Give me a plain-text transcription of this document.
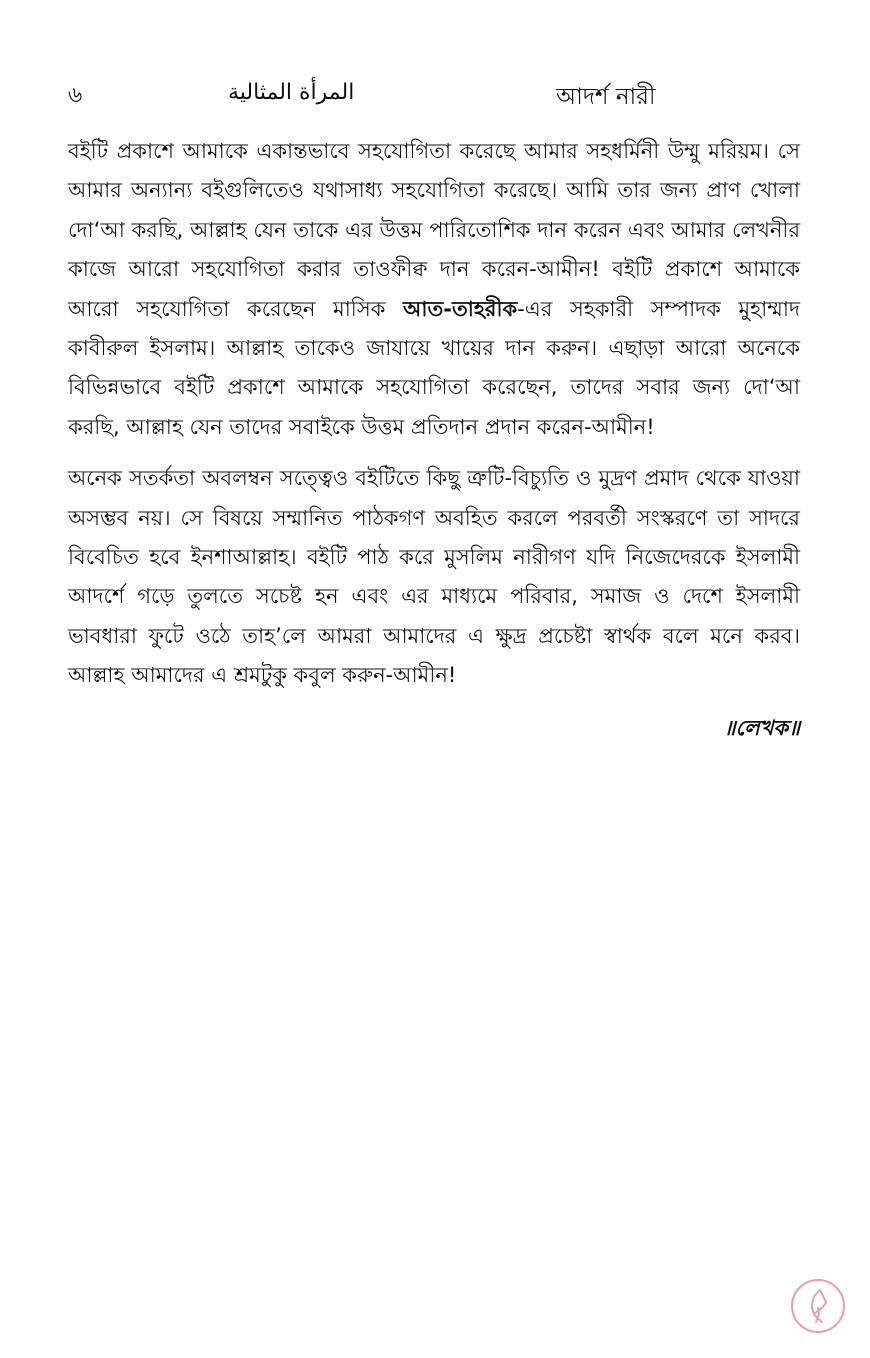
৬	المرأة المثالية	আদর্শ নারী

বইটি প্রকাশে আমাকে একান্তভাবে সহযোগিতা করেছে আমার সহধর্মিনী উম্মু মরিয়ম। সে আমার অন্যান্য বইগুলিতেও যথাসাধ্য সহযোগিতা করেছে। আমি তার জন্য প্রাণ খোলা দো‘আ করছি, আল্লাহ যেন তাকে এর উত্তম পারিতোশিক দান করেন এবং আমার লেখনীর কাজে আরো সহযোগিতা করার তাওফীক্ব দান করেন-আমীন! বইটি প্রকাশে আমাকে আরো সহযোগিতা করেছেন মাসিক আত-তাহরীক-এর সহকারী সম্পাদক মুহাম্মাদ কাবীরুল ইসলাম। আল্লাহ তাকেও জাযায়ে খায়ের দান করুন। এছাড়া আরো অনেকে বিভিন্নভাবে বইটি প্রকাশে আমাকে সহযোগিতা করেছেন, তাদের সবার জন্য দো‘আ করছি, আল্লাহ যেন তাদের সবাইকে উত্তম প্রতিদান প্রদান করেন-আমীন!

অনেক সতর্কতা অবলম্বন সত্ত্বেও বইটিতে কিছু ত্রুটি-বিচ্যুতি ও মুদ্রণ প্রমাদ থেকে যাওয়া অসম্ভব নয়। সে বিষয়ে সম্মানিত পাঠকগণ অবহিত করলে পরবর্তী সংস্করণে তা সাদরে বিবেচিত হবে ইনশাআল্লাহ। বইটি পাঠ করে মুসলিম নারীগণ যদি নিজেদেরকে ইসলামী আদর্শে গড়ে তুলতে সচেষ্ট হন এবং এর মাধ্যমে পরিবার, সমাজ ও দেশে ইসলামী ভাবধারা ফুটে ওঠে তাহ’লে আমরা আমাদের এ ক্ষুদ্র প্রচেষ্টা স্বার্থক বলে মনে করব। আল্লাহ আমাদের এ শ্রমটুকু কবুল করুন-আমীন!

॥লেখক॥
